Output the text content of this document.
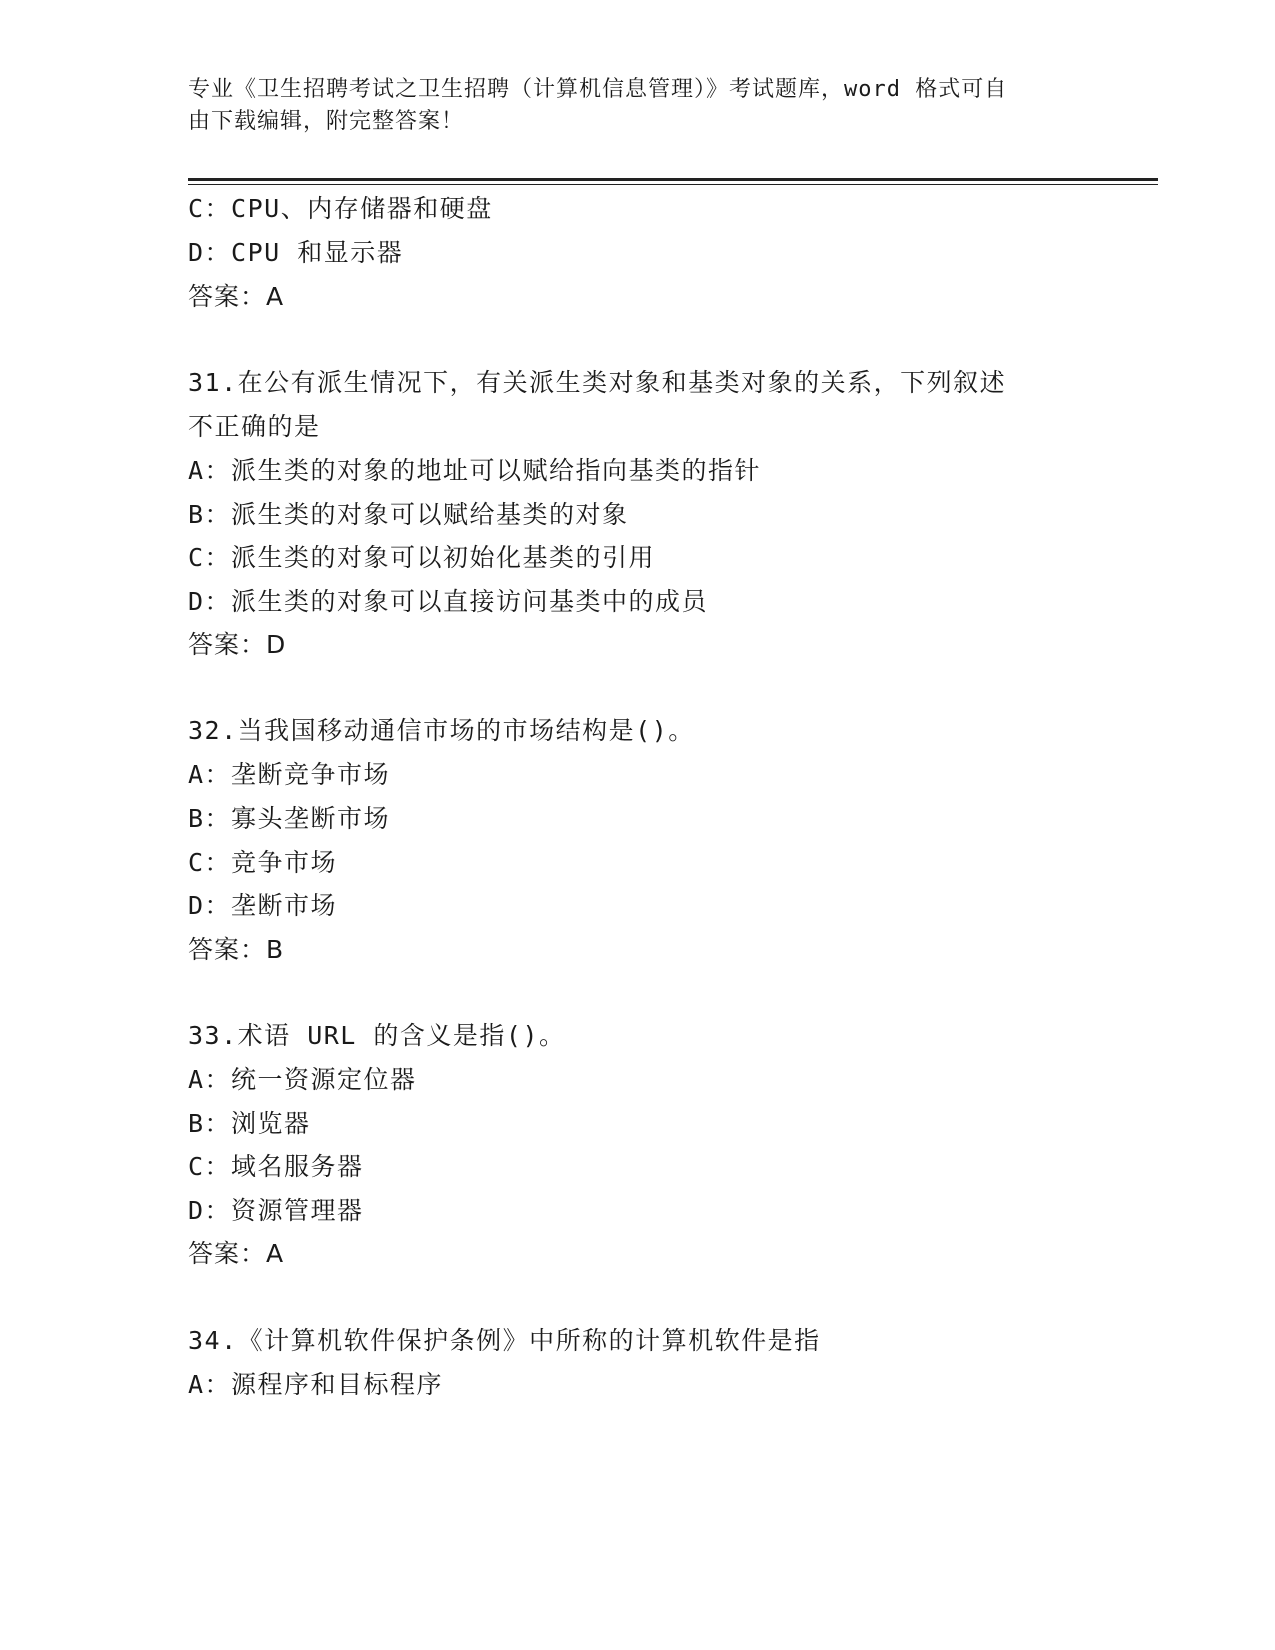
专业《卫生招聘考试之卫生招聘（计算机信息管理）》考试题库，word 格式可自
由下载编辑，附完整答案！
C：CPU、内存储器和硬盘
D：CPU 和显示器
答案：A
31.在公有派生情况下，有关派生类对象和基类对象的关系，下列叙述
不正确的是
A：派生类的对象的地址可以赋给指向基类的指针
B：派生类的对象可以赋给基类的对象
C：派生类的对象可以初始化基类的引用
D：派生类的对象可以直接访问基类中的成员
答案：D
32.当我国移动通信市场的市场结构是()。
A：垄断竞争市场
B：寡头垄断市场
C：竞争市场
D：垄断市场
答案：B
33.术语 URL 的含义是指()。
A：统一资源定位器
B：浏览器
C：域名服务器
D：资源管理器
答案：A
34.《计算机软件保护条例》中所称的计算机软件是指
A：源程序和目标程序
